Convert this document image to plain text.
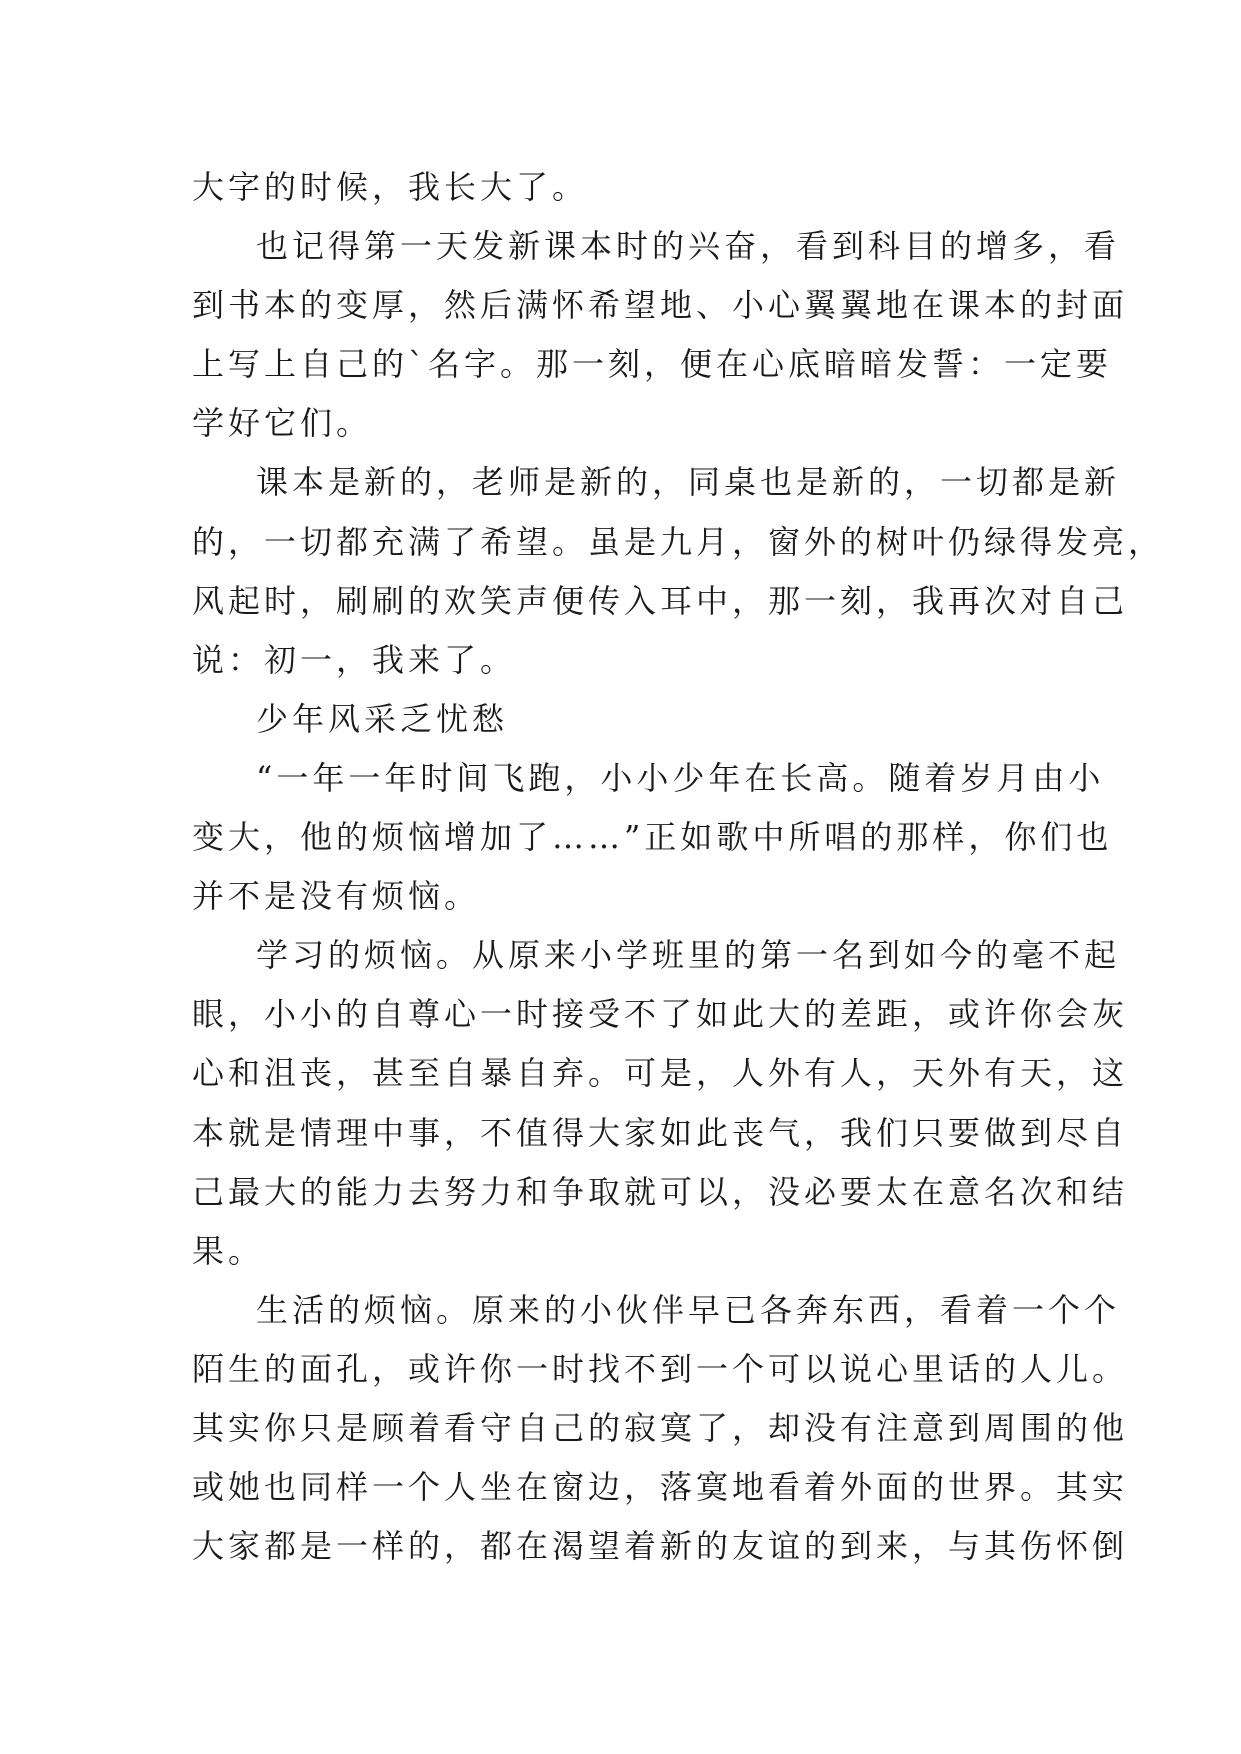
大字的时候，我长大了。
也记得第一天发新课本时的兴奋，看到科目的增多，看
到书本的变厚，然后满怀希望地、小心翼翼地在课本的封面
上写上自己的`名字。那一刻，便在心底暗暗发誓：一定要
学好它们。
课本是新的，老师是新的，同桌也是新的，一切都是新
的，一切都充满了希望。虽是九月，窗外的树叶仍绿得发亮，
风起时，刷刷的欢笑声便传入耳中，那一刻，我再次对自己
说：初一，我来了。
少年风采乏忧愁
“一年一年时间飞跑，小小少年在长高。随着岁月由小
变大，他的烦恼增加了……”正如歌中所唱的那样，你们也
并不是没有烦恼。
学习的烦恼。从原来小学班里的第一名到如今的毫不起
眼，小小的自尊心一时接受不了如此大的差距，或许你会灰
心和沮丧，甚至自暴自弃。可是，人外有人，天外有天，这
本就是情理中事，不值得大家如此丧气，我们只要做到尽自
己最大的能力去努力和争取就可以，没必要太在意名次和结
果。
生活的烦恼。原来的小伙伴早已各奔东西，看着一个个
陌生的面孔，或许你一时找不到一个可以说心里话的人儿。
其实你只是顾着看守自己的寂寞了，却没有注意到周围的他
或她也同样一个人坐在窗边，落寞地看着外面的世界。其实
大家都是一样的，都在渴望着新的友谊的到来，与其伤怀倒
